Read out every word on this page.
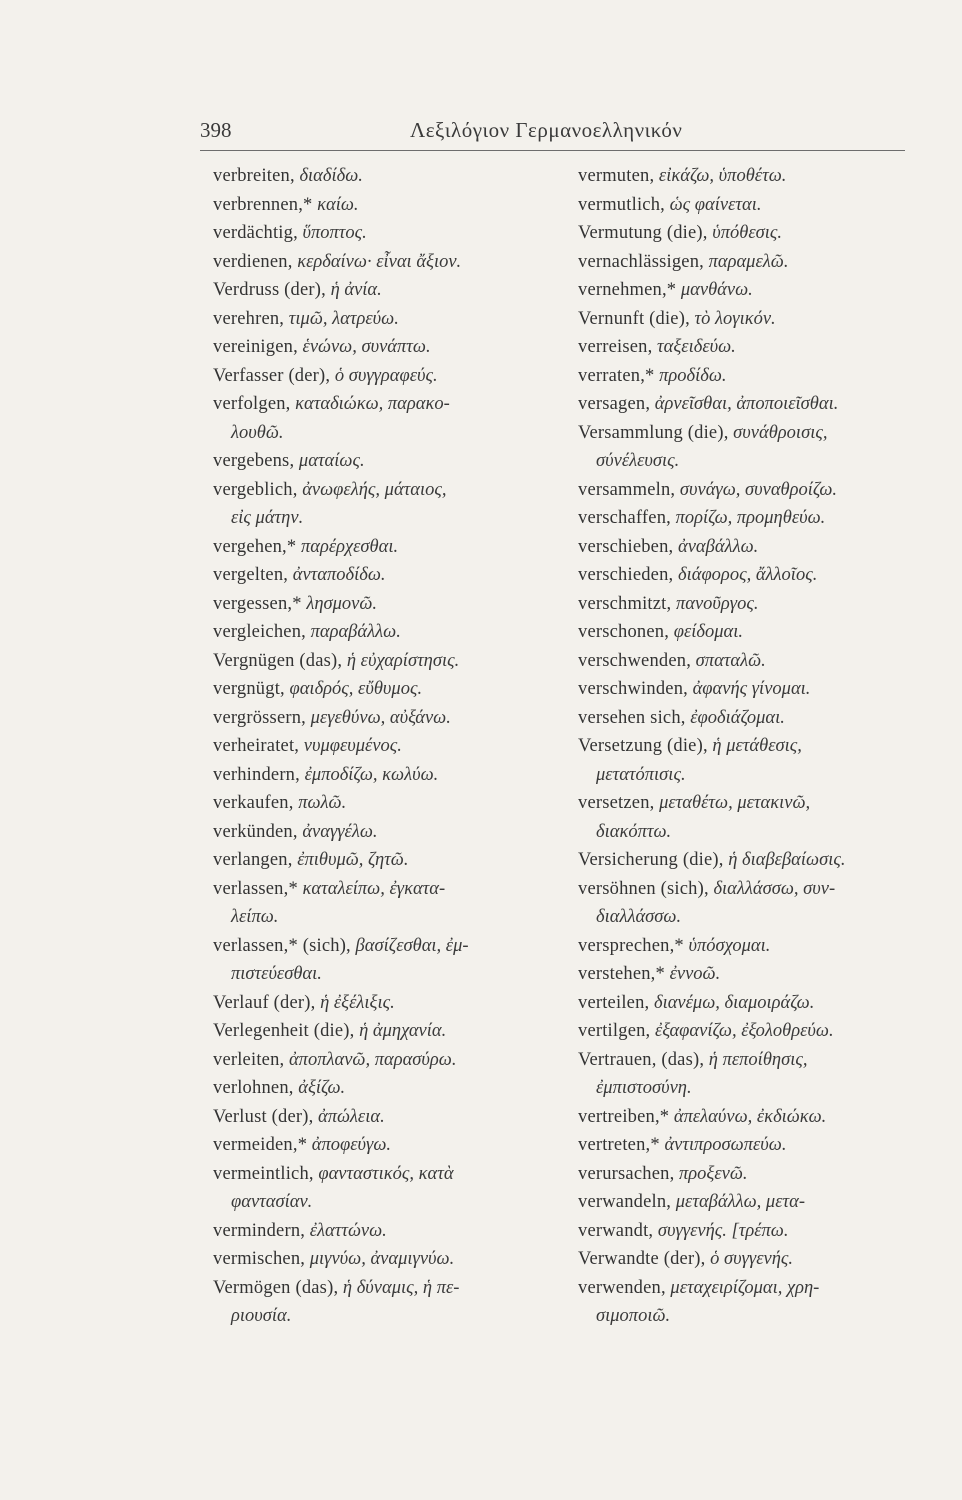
398	Λεξιλόγιον Γερμανοελληνικόν
verbreiten, διαδίδω.
verbrennen,* καίω.
verdächtig, ὕποπτος.
verdienen, κερδαίνω· εἶναι ἄξιον.
Verdruss (der), ἡ ἀνία.
verehren, τιμῶ, λατρεύω.
vereinigen, ἑνώνω, συνάπτω.
Verfasser (der), ὁ συγγραφεύς.
verfolgen, καταδιώκω, παρακο-
λουθῶ.
vergebens, ματαίως.
vergeblich, ἀνωφελής, μάταιος,
εἰς μάτην.
vergehen,* παρέρχεσθαι.
vergelten, ἀνταποδίδω.
vergessen,* λησμονῶ.
vergleichen, παραβάλλω.
Vergnügen (das), ἡ εὐχαρίστησις.
vergnügt, φαιδρός, εὔθυμος.
vergrössern, μεγεθύνω, αὐξάνω.
verheiratet, νυμφευμένος.
verhindern, ἐμποδίζω, κωλύω.
verkaufen, πωλῶ.
verkünden, ἀναγγέλω.
verlangen, ἐπιθυμῶ, ζητῶ.
verlassen,* καταλείπω, ἐγκατα-
λείπω.
verlassen,* (sich), βασίζεσθαι, ἐμ-
πιστεύεσθαι.
Verlauf (der), ἡ ἐξέλιξις.
Verlegenheit (die), ἡ ἀμηχανία.
verleiten, ἀποπλανῶ, παρασύρω.
verlohnen, ἀξίζω.
Verlust (der), ἀπώλεια.
vermeiden,* ἀποφεύγω.
vermeintlich, φανταστικός, κατὰ
φαντασίαν.
vermindern, ἐλαττώνω.
vermischen, μιγνύω, ἀναμιγνύω.
Vermögen (das), ἡ δύναμις, ἡ πε-
ριουσία.
vermuten, εἰκάζω, ὑποθέτω.
vermutlich, ὡς φαίνεται.
Vermutung (die), ὑπόθεσις.
vernachlässigen, παραμελῶ.
vernehmen,* μανθάνω.
Vernunft (die), τὸ λογικόν.
verreisen, ταξειδεύω.
verraten,* προδίδω.
versagen, ἀρνεῖσθαι, ἀποποιεῖσθαι.
Versammlung (die), συνάθροισις,
σύνέλευσις.
versammeln, συνάγω, συναθροίζω.
verschaffen, πορίζω, προμηθεύω.
verschieben, ἀναβάλλω.
verschieden, διάφορος, ἄλλοῖος.
verschmitzt, πανοῦργος.
verschonen, φείδομαι.
verschwenden, σπαταλῶ.
verschwinden, ἀφανής γίνομαι.
versehen sich, ἐφοδιάζομαι.
Versetzung (die), ἡ μετάθεσις,
μετατόπισις.
versetzen, μεταθέτω, μετακινῶ,
διακόπτω.
Versicherung (die), ἡ διαβεβαίωσις.
versöhnen (sich), διαλλάσσω, συν-
διαλλάσσω.
versprechen,* ὑπόσχομαι.
verstehen,* ἐννοῶ.
verteilen, διανέμω, διαμοιράζω.
vertilgen, ἐξαφανίζω, ἐξολοθρεύω.
Vertrauen, (das), ἡ πεποίθησις,
ἐμπιστοσύνη.
vertreiben,* ἀπελαύνω, ἐκδιώκω.
vertreten,* ἀντιπροσωπεύω.
verursachen, προξενῶ.
verwandeln, μεταβάλλω, μετα-
verwandt, συγγενής. [τρέπω.
Verwandte (der), ὁ συγγενής.
verwenden, μεταχειρίζομαι, χρη-
σιμοποιῶ.
